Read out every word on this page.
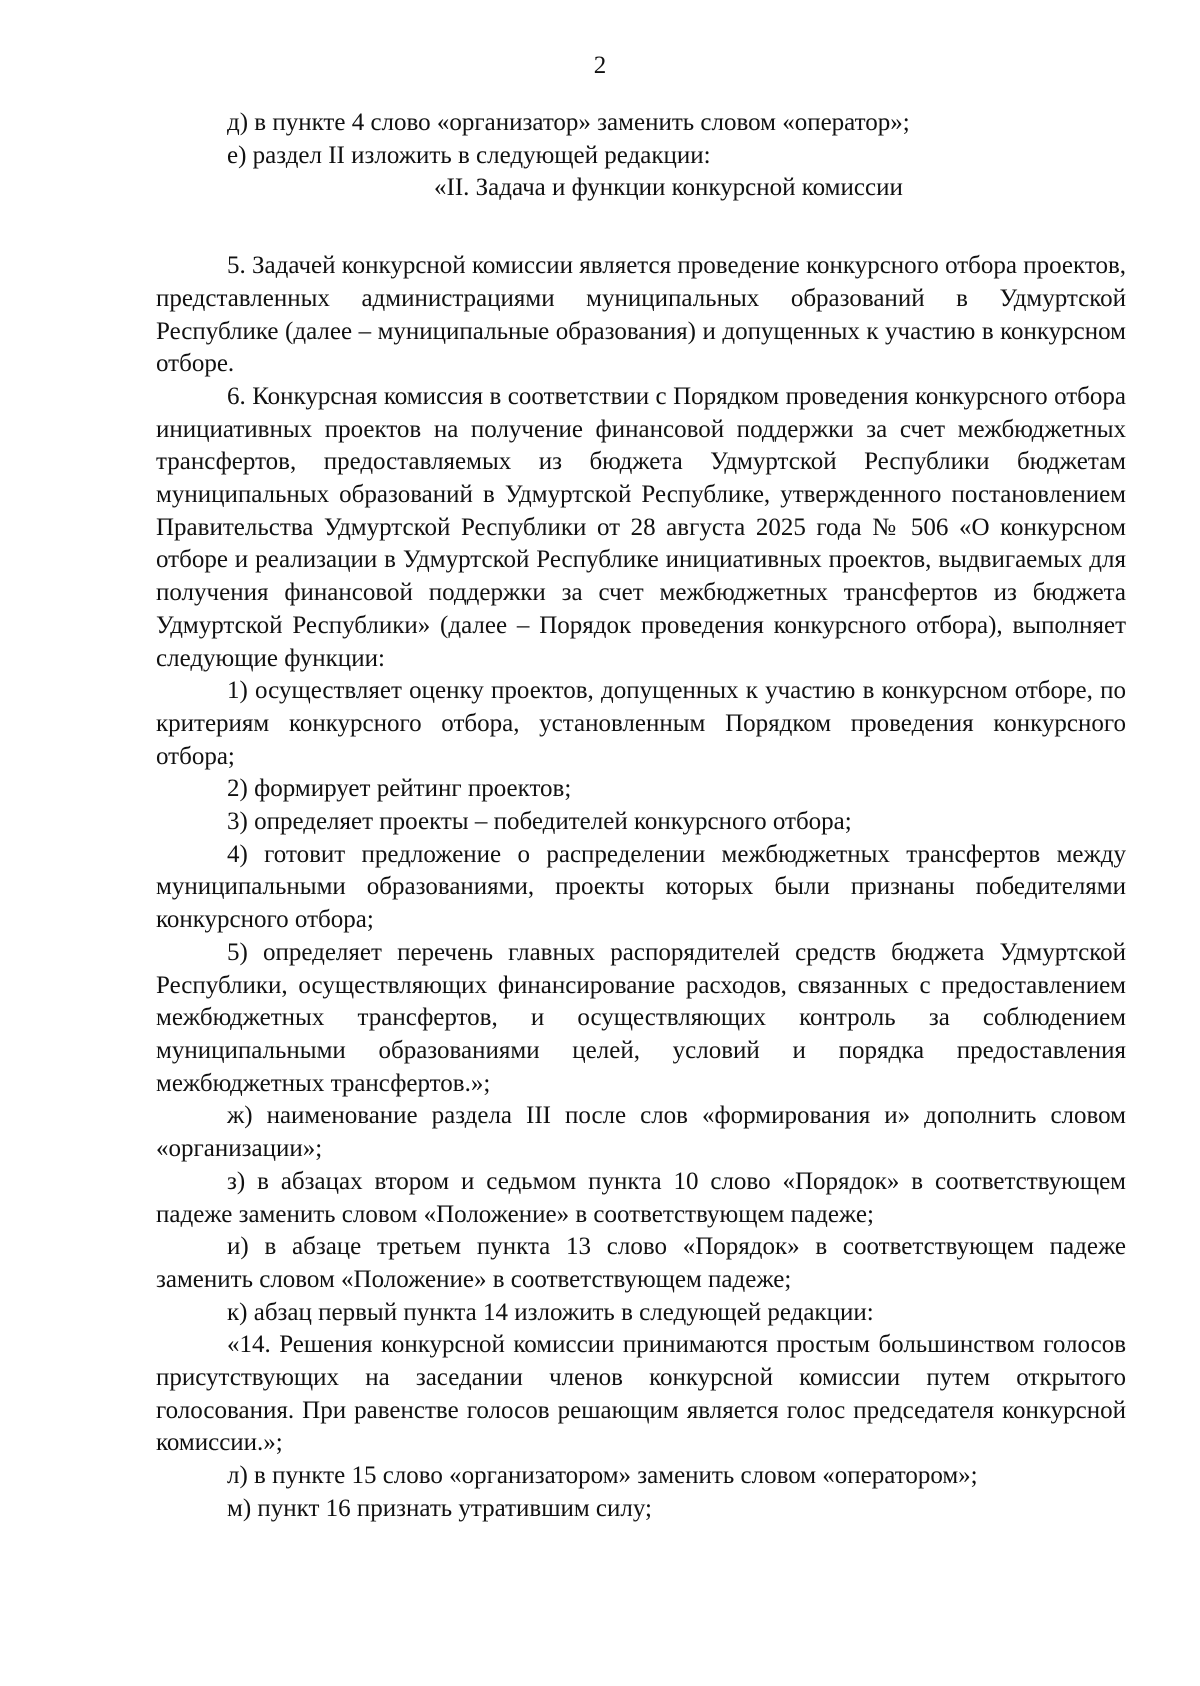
2

д) в пункте 4 слово «организатор» заменить словом «оператор»;

е) раздел II изложить в следующей редакции:

«II. Задача и функции конкурсной комиссии

5. Задачей конкурсной комиссии является проведение конкурсного отбора проектов, представленных администрациями муниципальных образований в Удмуртской Республике (далее – муниципальные образования) и допущенных к участию в конкурсном отборе.

6. Конкурсная комиссия в соответствии с Порядком проведения конкурсного отбора инициативных проектов на получение финансовой поддержки за счет межбюджетных трансфертов, предоставляемых из бюджета Удмуртской Республики бюджетам муниципальных образований в Удмуртской Республике, утвержденного постановлением Правительства Удмуртской Республики от 28 августа 2025 года № 506 «О конкурсном отборе и реализации в Удмуртской Республике инициативных проектов, выдвигаемых для получения финансовой поддержки за счет межбюджетных трансфертов из бюджета Удмуртской Республики» (далее – Порядок проведения конкурсного отбора), выполняет следующие функции:

1) осуществляет оценку проектов, допущенных к участию в конкурсном отборе, по критериям конкурсного отбора, установленным Порядком проведения конкурсного отбора;

2) формирует рейтинг проектов;

3) определяет проекты – победителей конкурсного отбора;

4) готовит предложение о распределении межбюджетных трансфертов между муниципальными образованиями, проекты которых были признаны победителями конкурсного отбора;

5) определяет перечень главных распорядителей средств бюджета Удмуртской Республики, осуществляющих финансирование расходов, связанных с предоставлением межбюджетных трансфертов, и осуществляющих контроль за соблюдением муниципальными образованиями целей, условий и порядка предоставления межбюджетных трансфертов.»;

ж) наименование раздела III после слов «формирования и» дополнить словом «организации»;

з) в абзацах втором и седьмом пункта 10 слово «Порядок» в соответствующем падеже заменить словом «Положение» в соответствующем падеже;

и) в абзаце третьем пункта 13 слово «Порядок» в соответствующем падеже заменить словом «Положение» в соответствующем падеже;

к) абзац первый пункта 14 изложить в следующей редакции:

«14. Решения конкурсной комиссии принимаются простым большинством голосов присутствующих на заседании членов конкурсной комиссии путем открытого голосования. При равенстве голосов решающим является голос председателя конкурсной комиссии.»;

л) в пункте 15 слово «организатором» заменить словом «оператором»;

м) пункт 16 признать утратившим силу;
